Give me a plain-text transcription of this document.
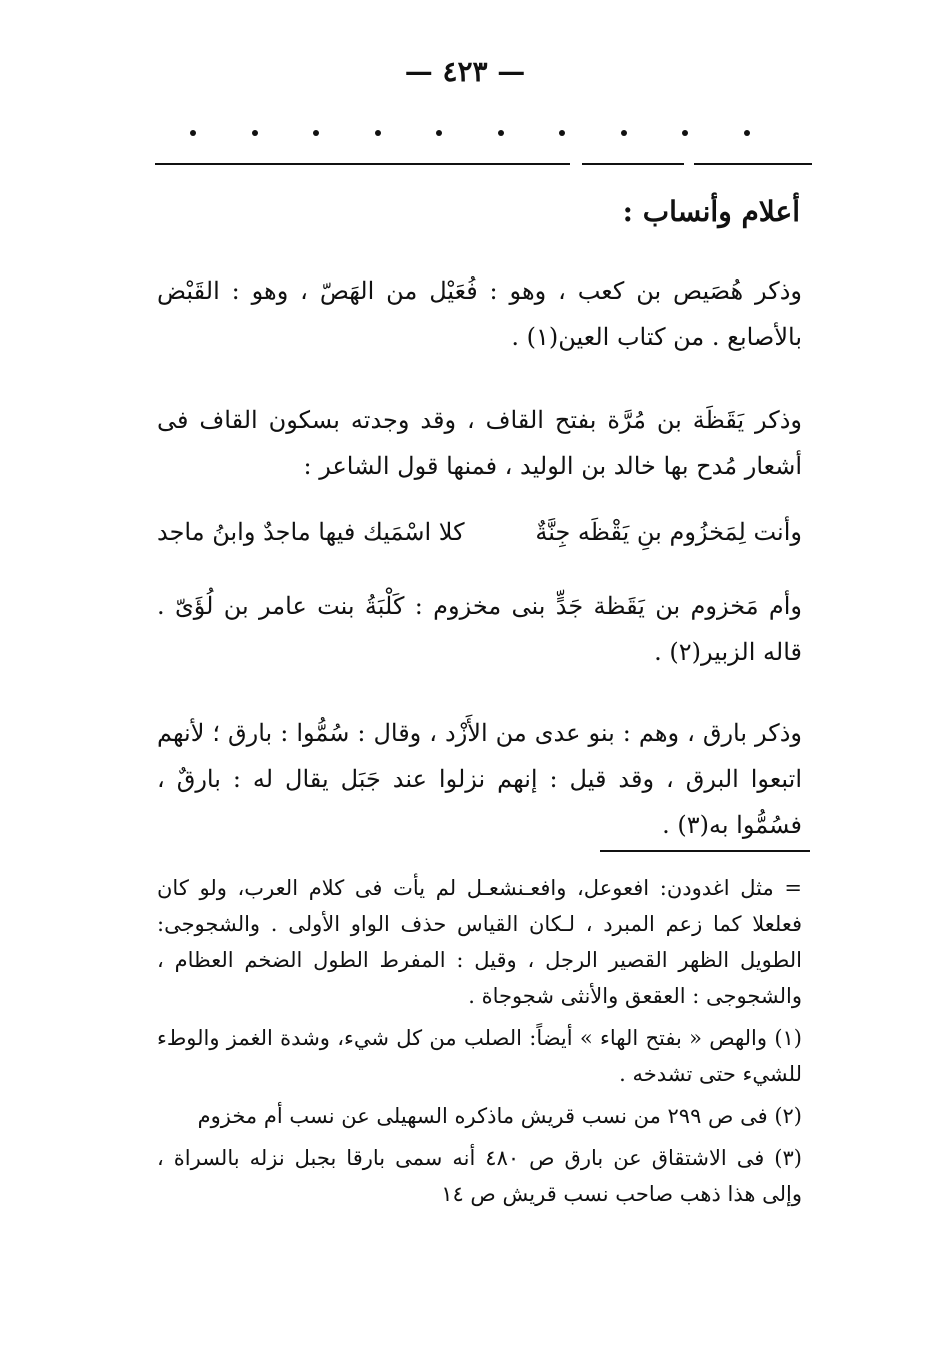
— ٤٢٣ —
أعلام وأنساب :
وذكر هُصَيص بن كعب ، وهو : فُعَيْل من الهَصّ ، وهو : القَبْض بالأصابع . من كتاب العين(١) .
وذكر يَقَظَة بن مُرَّة بفتح القاف ، وقد وجدته بسكون القاف فى أشعار مُدح بها خالد بن الوليد ، فمنها قول الشاعر :
وأنت لِمَخزُوم بنِ يَقْظَه جِنَّةٌ
كلا اسْمَيك فيها ماجدٌ وابنُ ماجد
وأم مَخزوم بن يَقَظة جَدٍّ بنى مخزوم : كَلْبَةُ بنت عامر بن لُؤَىّ . قاله الزبير(٢) .
وذكر بارق ، وهم : بنو عدى من الأَزْد ، وقال : سُمُّوا : بارق ؛ لأنهم اتبعوا البرق ، وقد قيل : إنهم نزلوا عند جَبَل يقال له : بارقٌ ، فسُمُّوا به(٣) .

= مثل اغدودن: افعوعل، وافعـنشعـل لم يأت فى كلام العرب، ولو كان فعلعلا كما زعم المبرد ، لـكان القياس حذف الواو الأولى . والشجوجى: الطويل الظهر القصير الرجل ، وقيل : المفرط الطول الضخم العظام ، والشجوجى : العقعق والأنثى شجوجاة .

(١) والهص « بفتح الهاء » أيضاً: الصلب من كل شيء، وشدة الغمز والوطء للشيء حتى تشدخه .

(٢) فى ص ٢٩٩ من نسب قريش ماذكره السهيلى عن نسب أم مخزوم

(٣) فى الاشتقاق عن بارق ص ٤٨٠ أنه سمى بارقا بجبل نزله بالسراة ، وإلى هذا ذهب صاحب نسب قريش ص ١٤
